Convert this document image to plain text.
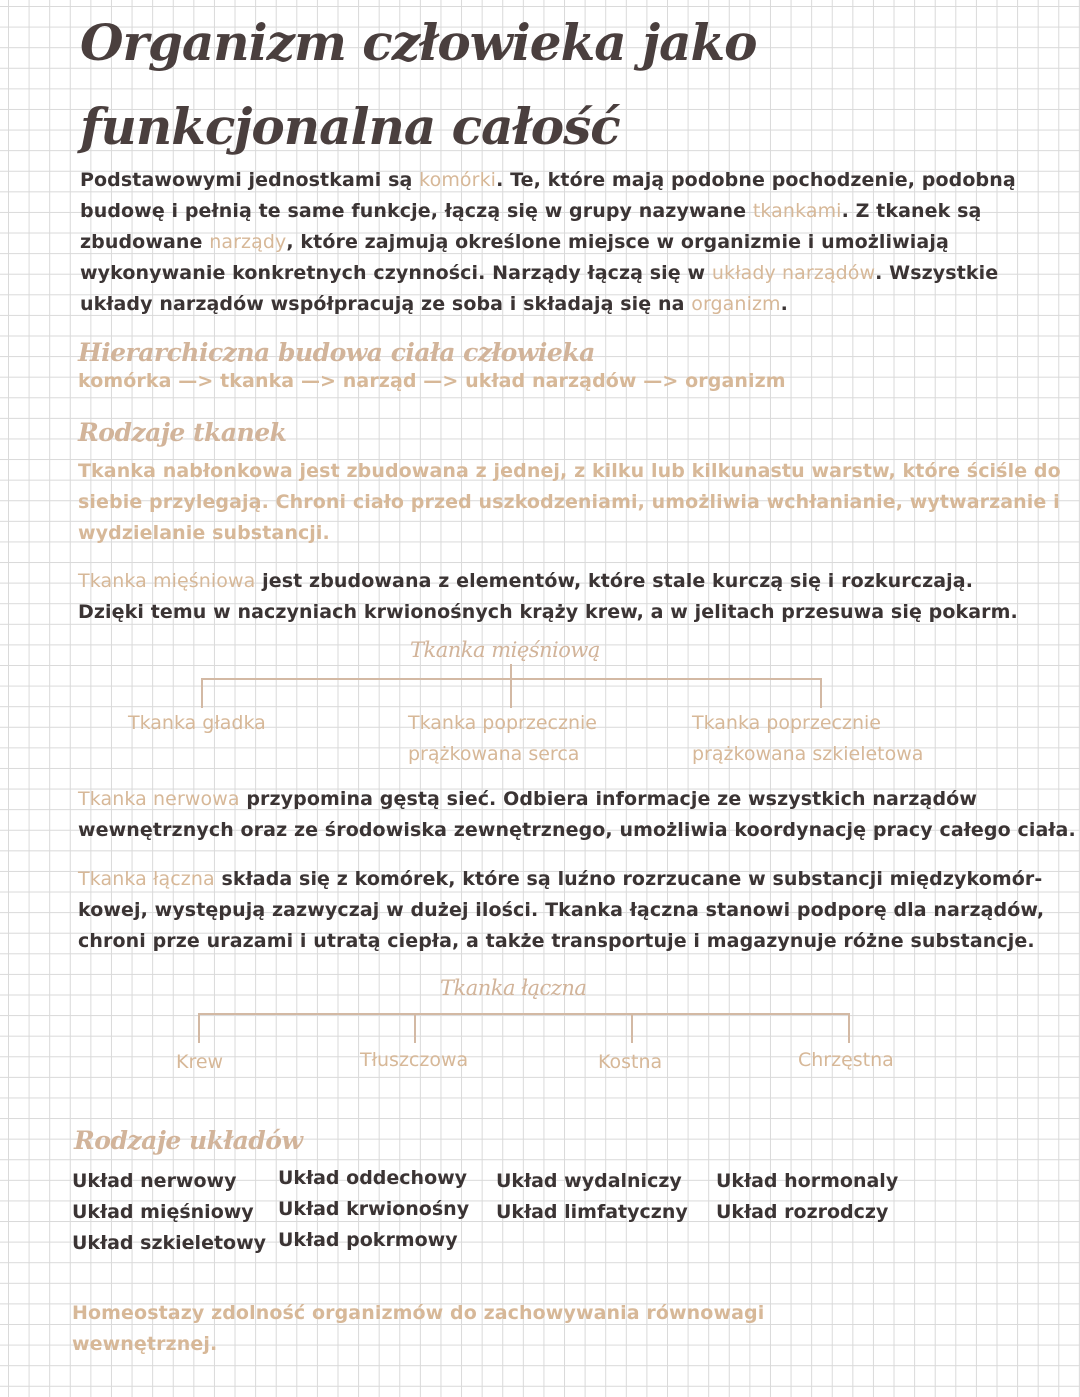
Organizm człowieka jako
funkcjonalna całość
Podstawowymi jednostkami są komórki. Te, które mają podobne pochodzenie, podobną
budowę i pełnią te same funkcje, łączą się w grupy nazywane tkankami. Z tkanek są
zbudowane narządy, które zajmują określone miejsce w organizmie i umożliwiają
wykonywanie konkretnych czynności. Narządy łączą się w układy narządów. Wszystkie
układy narządów współpracują ze soba i składają się na organizm.
Hierarchiczna budowa ciała człowieka
komórka —> tkanka —> narząd —> układ narządów —> organizm
Rodzaje tkanek
Tkanka nabłonkowa jest zbudowana z jednej, z kilku lub kilkunastu warstw, które ściśle do
siebie przylegają. Chroni ciało przed uszkodzeniami, umożliwia wchłanianie, wytwarzanie i
wydzielanie substancji.
Tkanka mięśniowa jest zbudowana z elementów, które stale kurczą się i rozkurczają.
Dzięki temu w naczyniach krwionośnych krąży krew, a w jelitach przesuwa się pokarm.
Tkanka mięśniową
Tkanka gładka	Tkanka poprzecznie
prążkowana serca
Tkanka poprzecznie
prążkowana szkieletowa
Tkanka nerwowa przypomina gęstą sieć. Odbiera informacje ze wszystkich narządów
wewnętrznych oraz ze środowiska zewnętrznego, umożliwia koordynację pracy całego ciała.
Tkanka łączna składa się z komórek, które są luźno rozrzucane w substancji międzykomór-
kowej, występują zazwyczaj w dużej ilości. Tkanka łączna stanowi podporę dla narządów,
chroni prze urazami i utratą ciepła, a także transportuje i magazynuje różne substancje.
Tkanka łączna
Krew	Tłuszczowa	Kostna	Chrzęstna
Rodzaje układów
Układ nerwowy
Układ mięśniowy
Układ szkieletowy
Układ oddechowy
Układ krwionośny
Układ pokrmowy
Układ wydalniczy
Układ limfatyczny
Układ hormonaly
Układ rozrodczy
Homeostazy zdolność organizmów do zachowywania równowagi
wewnętrznej.
